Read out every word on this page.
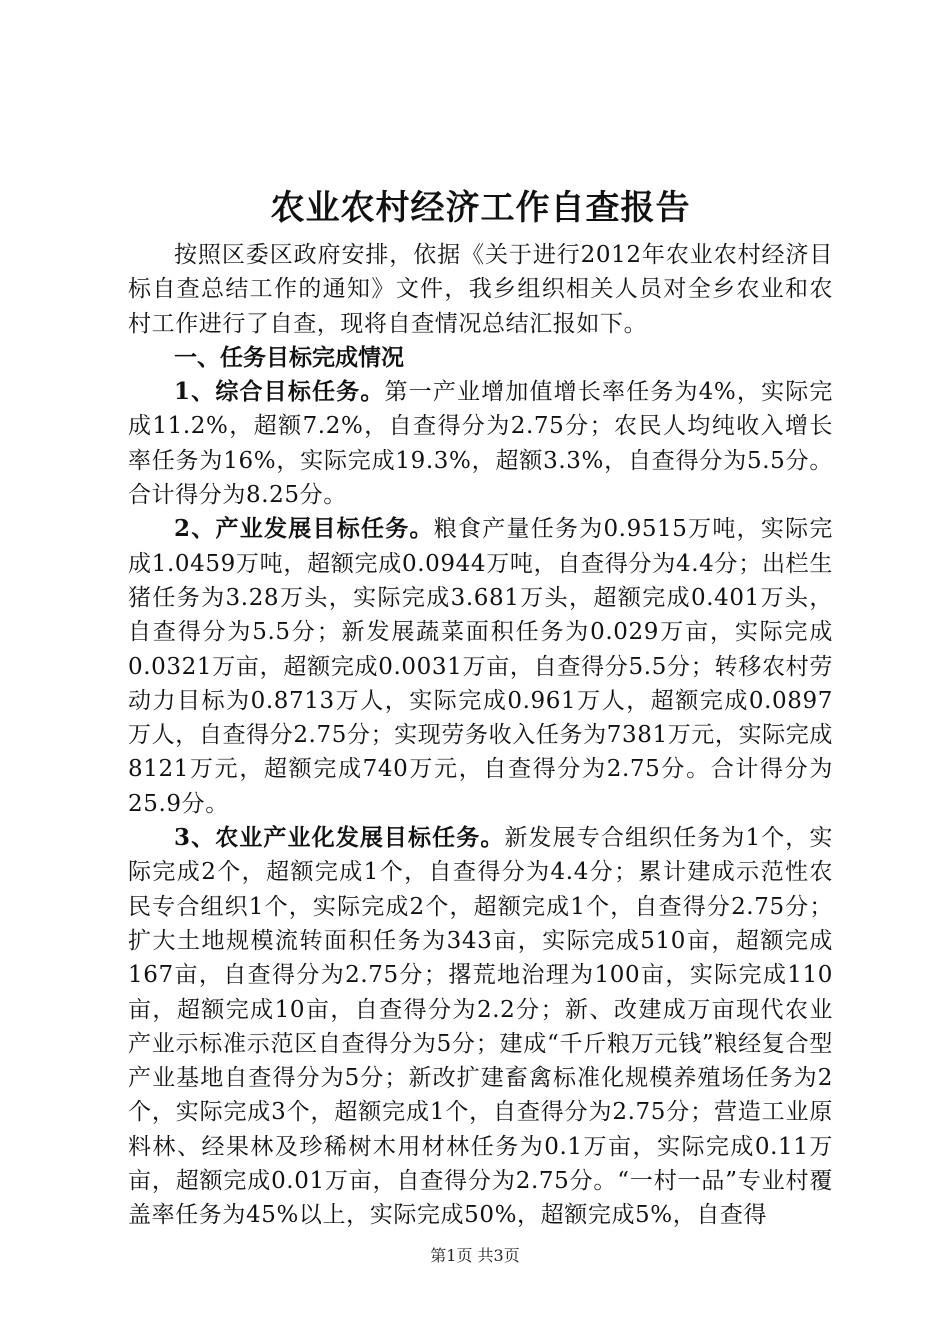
农业农村经济工作自查报告

按照区委区政府安排，依据《关于进行2012年农业农村经济目标自查总结工作的通知》文件，我乡组织相关人员对全乡农业和农村工作进行了自查，现将自查情况总结汇报如下。

一、任务目标完成情况

1、综合目标任务。第一产业增加值增长率任务为4%，实际完成11.2%，超额7.2%，自查得分为2.75分；农民人均纯收入增长率任务为16%，实际完成19.3%，超额3.3%，自查得分为5.5分。合计得分为8.25分。

2、产业发展目标任务。粮食产量任务为0.9515万吨，实际完成1.0459万吨，超额完成0.0944万吨，自查得分为4.4分；出栏生猪任务为3.28万头，实际完成3.681万头，超额完成0.401万头，自查得分为5.5分；新发展蔬菜面积任务为0.029万亩，实际完成0.0321万亩，超额完成0.0031万亩，自查得分5.5分；转移农村劳动力目标为0.8713万人，实际完成0.961万人，超额完成0.0897万人，自查得分2.75分；实现劳务收入任务为7381万元，实际完成8121万元，超额完成740万元，自查得分为2.75分。合计得分为25.9分。

3、农业产业化发展目标任务。新发展专合组织任务为1个，实际完成2个，超额完成1个，自查得分为4.4分；累计建成示范性农民专合组织1个，实际完成2个，超额完成1个，自查得分2.75分；扩大土地规模流转面积任务为343亩，实际完成510亩，超额完成167亩，自查得分为2.75分；撂荒地治理为100亩，实际完成110亩，超额完成10亩，自查得分为2.2分；新、改建成万亩现代农业产业示标准示范区自查得分为5分；建成“千斤粮万元钱”粮经复合型产业基地自查得分为5分；新改扩建畜禽标准化规模养殖场任务为2个，实际完成3个，超额完成1个，自查得分为2.75分；营造工业原料林、经果林及珍稀树木用材林任务为0.1万亩，实际完成0.11万亩，超额完成0.01万亩，自查得分为2.75分。“一村一品”专业村覆盖率任务为45%以上，实际完成50%，超额完成5%，自查得

第1页 共3页
